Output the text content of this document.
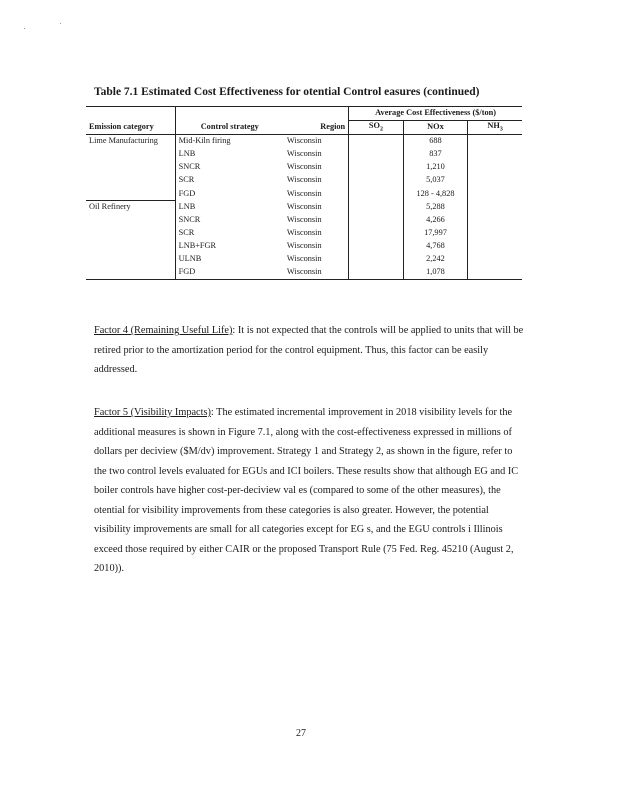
Table 7.1 Estimated Cost Effectiveness for otential Control easures (continued)
			Average Cost Effectiveness ($/ton)		
Emission category	Control strategy	Region	$SO_2$	NOx	$NH_3$
Lime Manufacturing	Mid-Kiln firing	Wisconsin		688	
	LNB	Wisconsin		837	
	SNCR	Wisconsin		1,210	
	SCR	Wisconsin		5,037	
	FGD	Wisconsin		128 - 4,828	
Oil Refinery	LNB	Wisconsin		5,288	
	SNCR	Wisconsin		4,266	
	SCR	Wisconsin		17,997	
	LNB+FGR	Wisconsin		4,768	
	ULNB	Wisconsin		2,242	
	FGD	Wisconsin		1,078	
Factor 4 (Remaining Useful Life): It is not expected that the controls will be applied to units that will be retired prior to the amortization period for the control equipment. Thus, this factor can be easily addressed.
Factor 5 (Visibility Impacts): The estimated incremental improvement in 2018 visibility levels for the additional measures is shown in Figure 7.1, along with the cost-effectiveness expressed in millions of dollars per deciview ($M/dv) improvement. Strategy 1 and Strategy 2, as shown in the figure, refer to the two control levels evaluated for EGUs and ICI boilers. These results show that although EG and IC boiler controls have higher cost-per-deciview val es (compared to some of the other measures), the otential for visibility improvements from these categories is also greater. However, the potential visibility improvements are small for all categories except for EG s, and the EGU controls i Illinois exceed those required by either CAIR or the proposed Transport Rule (75 Fed. Reg. 45210 (August 2, 2010)).
27
